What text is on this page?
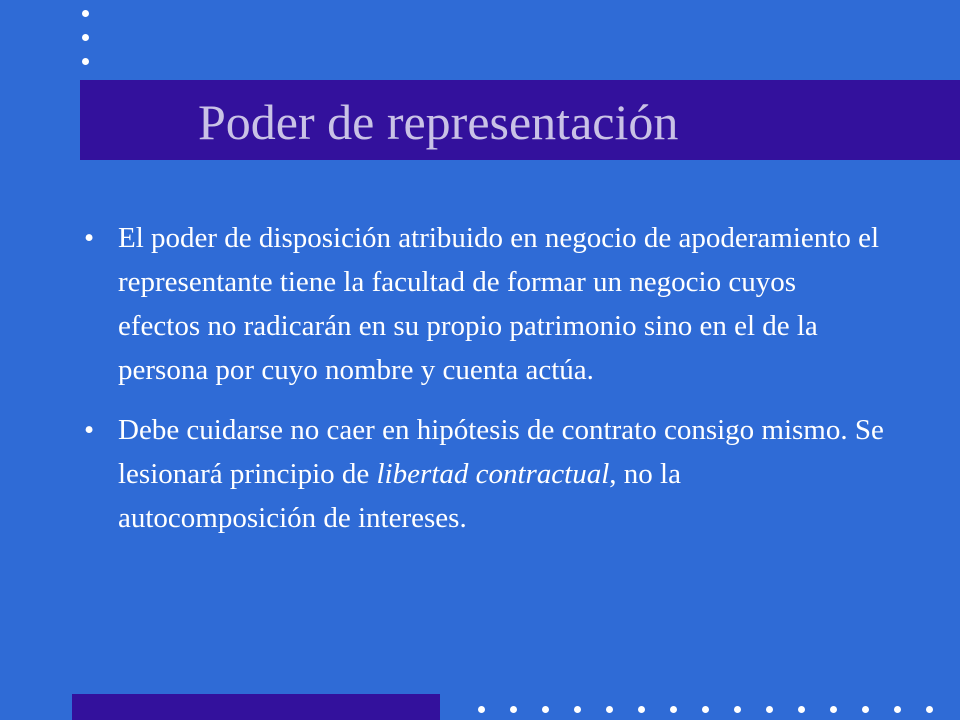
Poder de representación
• El poder de disposición atribuido en negocio de apoderamiento el representante tiene la facultad de formar un negocio cuyos efectos no radicarán en su propio patrimonio sino en el de la persona por cuyo nombre y cuenta actúa.
• Debe cuidarse no caer en hipótesis de contrato consigo mismo. Se lesionará principio de libertad contractual, no la autocomposición de intereses.
